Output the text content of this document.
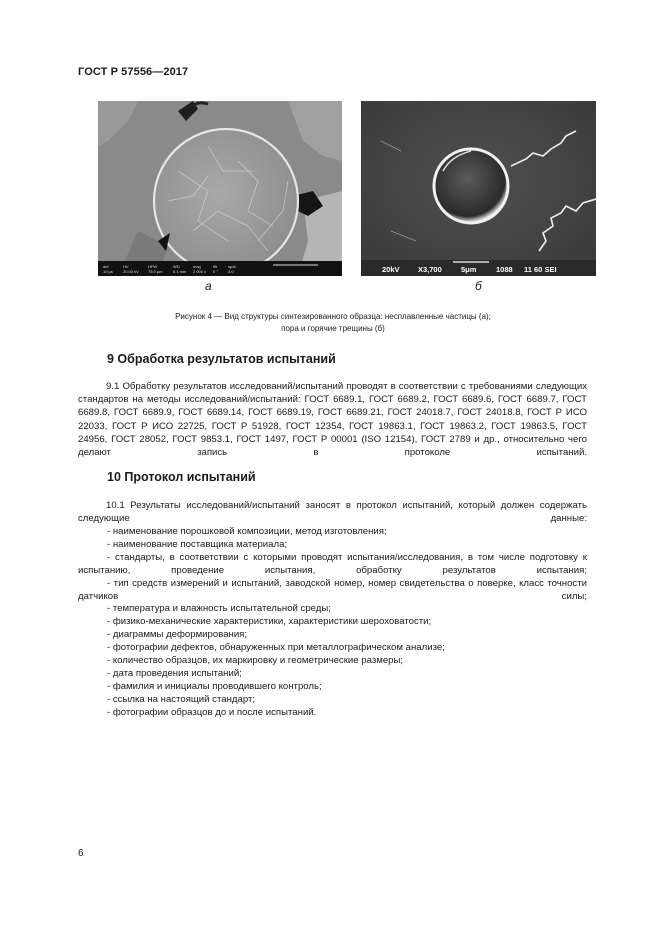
ГОСТ Р 57556—2017
det
10 µs
HV
20.00 kV
HFW
75.9 µm
WD
6.1 mm
mag
2 000 x
tilt
0 °
spot
3.0	20kV X3,700	5μm	1088 11 60 SEI
а	б
Рисунок 4 — Вид структуры синтезированного образца: несплавленные частицы (а);
пора и горячие трещины (б)
9 Обработка результатов испытаний

9.1 Обработку результатов исследований/испытаний проводят в соответствии с требованиями следующих стандартов на методы исследований/испытаний: ГОСТ 6689.1, ГОСТ 6689.2, ГОСТ 6689.6, ГОСТ 6689.7, ГОСТ 6689.8, ГОСТ 6689.9, ГОСТ 6689.14, ГОСТ 6689.19, ГОСТ 6689.21, ГОСТ 24018.7, ГОСТ 24018.8, ГОСТ Р ИСО 22033, ГОСТ Р ИСО 22725, ГОСТ Р 51928, ГОСТ 12354, ГОСТ 19863.1, ГОСТ 19863.2, ГОСТ 19863.5, ГОСТ 24956, ГОСТ 28052, ГОСТ 9853.1, ГОСТ 1497, ГОСТ Р 00001 (ISO 12154), ГОСТ 2789 и др., относительно чего делают запись в протоколе испытаний.

10 Протокол испытаний

10.1 Результаты исследований/испытаний заносят в протокол испытаний, который должен содержать следующие данные:

- наименование порошковой композиции, метод изготовления;
- наименование поставщика материала;

- стандарты, в соответствии с которыми проводят испытания/исследования, в том числе подготовку к испытанию, проведение испытания, обработку результатов испытания;

- тип средств измерений и испытаний, заводской номер, номер свидетельства о поверке, класс точности датчиков силы;

- температура и влажность испытательной среды;
- физико-механические характеристики, характеристики шероховатости;
- диаграммы деформирования;
- фотографии дефектов, обнаруженных при металлографическом анализе;
- количество образцов, их маркировку и геометрические размеры;
- дата проведения испытаний;
- фамилия и инициалы проводившего контроль;
- ссылка на настоящий стандарт;
- фотографии образцов до и после испытаний.
6
